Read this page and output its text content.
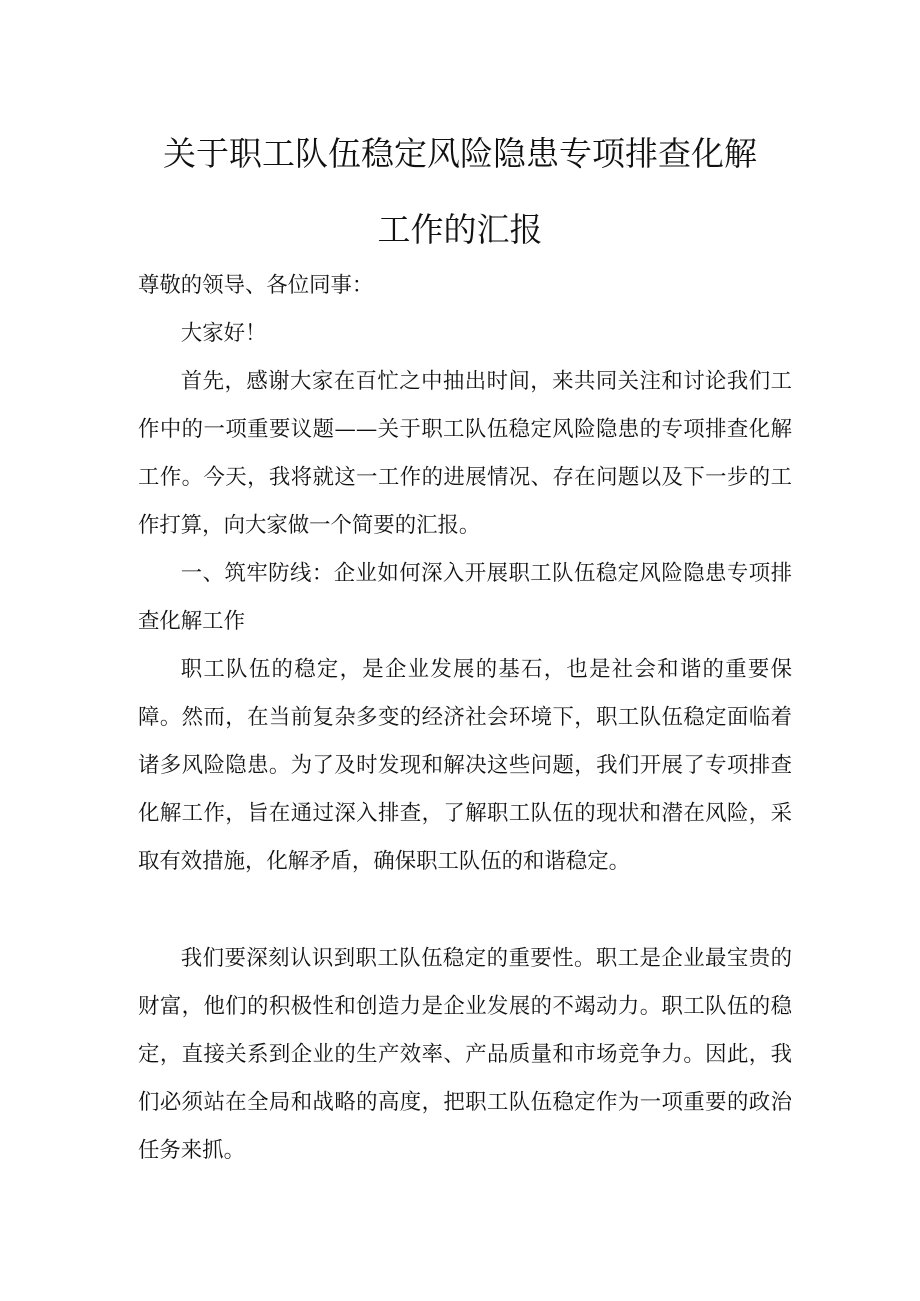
关于职工队伍稳定风险隐患专项排查化解
工作的汇报

尊敬的领导、各位同事：

大家好！

首先，感谢大家在百忙之中抽出时间，来共同关注和讨论我们工作中的一项重要议题——关于职工队伍稳定风险隐患的专项排查化解工作。今天，我将就这一工作的进展情况、存在问题以及下一步的工作打算，向大家做一个简要的汇报。

一、筑牢防线：企业如何深入开展职工队伍稳定风险隐患专项排查化解工作

职工队伍的稳定，是企业发展的基石，也是社会和谐的重要保障。然而，在当前复杂多变的经济社会环境下，职工队伍稳定面临着诸多风险隐患。为了及时发现和解决这些问题，我们开展了专项排查化解工作，旨在通过深入排查，了解职工队伍的现状和潜在风险，采取有效措施，化解矛盾，确保职工队伍的和谐稳定。

我们要深刻认识到职工队伍稳定的重要性。职工是企业最宝贵的财富，他们的积极性和创造力是企业发展的不竭动力。职工队伍的稳定，直接关系到企业的生产效率、产品质量和市场竞争力。因此，我们必须站在全局和战略的高度，把职工队伍稳定作为一项重要的政治任务来抓。
